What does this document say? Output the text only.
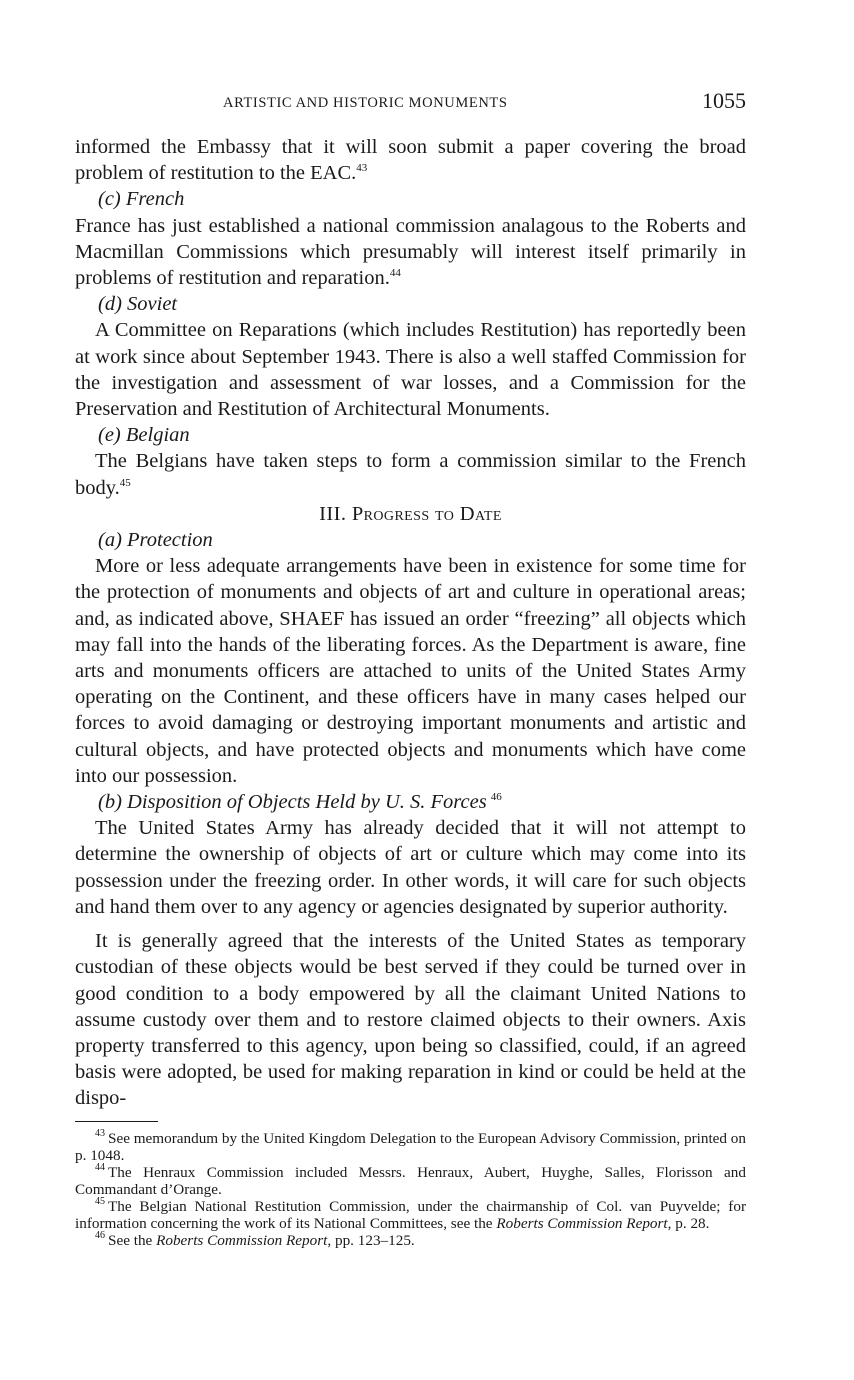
ARTISTIC AND HISTORIC MONUMENTS	1055

informed the Embassy that it will soon submit a paper covering the broad problem of restitution to the EAC.$^{43}$

(c) French

France has just established a national commission analagous to the Roberts and Macmillan Commissions which presumably will interest itself primarily in problems of restitution and reparation.$^{44}$

(d) Soviet

A Committee on Reparations (which includes Restitution) has reportedly been at work since about September 1943. There is also a well staffed Commission for the investigation and assessment of war losses, and a Commission for the Preservation and Restitution of Architectural Monuments.

(e) Belgian

The Belgians have taken steps to form a commission similar to the French body.$^{45}$

III. Progress to Date

(a) Protection

More or less adequate arrangements have been in existence for some time for the protection of monuments and objects of art and culture in operational areas; and, as indicated above, SHAEF has issued an order “freezing” all objects which may fall into the hands of the liberating forces. As the Department is aware, fine arts and monuments officers are attached to units of the United States Army operating on the Continent, and these officers have in many cases helped our forces to avoid damaging or destroying important monuments and artistic and cultural objects, and have protected objects and monuments which have come into our possession.

(b) Disposition of Objects Held by U. S. Forces $^{46}$

The United States Army has already decided that it will not attempt to determine the ownership of objects of art or culture which may come into its possession under the freezing order. In other words, it will care for such objects and hand them over to any agency or agencies designated by superior authority.

It is generally agreed that the interests of the United States as temporary custodian of these objects would be best served if they could be turned over in good condition to a body empowered by all the claimant United Nations to assume custody over them and to restore claimed objects to their owners. Axis property transferred to this agency, upon being so classified, could, if an agreed basis were adopted, be used for making reparation in kind or could be held at the dispo-

$^{43}$ See memorandum by the United Kingdom Delegation to the European Advisory Commission, printed on p. 1048.

$^{44}$ The Henraux Commission included Messrs. Henraux, Aubert, Huyghe, Salles, Florisson and Commandant d’Orange.

$^{45}$ The Belgian National Restitution Commission, under the chairmanship of Col. van Puyvelde; for information concerning the work of its National Committees, see the Roberts Commission Report, p. 28.

$^{46}$ See the Roberts Commission Report, pp. 123–125.
